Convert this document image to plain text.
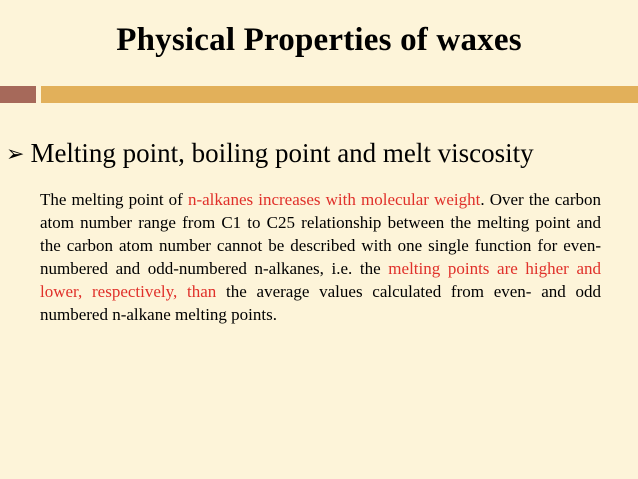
Physical Properties of waxes
➢ Melting point, boiling point and melt viscosity
The melting point of n-alkanes increases with molecular weight. Over the carbon atom number range from C1 to C25 relationship between the melting point and the carbon atom number cannot be described with one single function for even-numbered and odd-numbered n-alkanes, i.e. the melting points are higher and lower, respectively, than the average values calculated from even- and odd numbered n-alkane melting points.
